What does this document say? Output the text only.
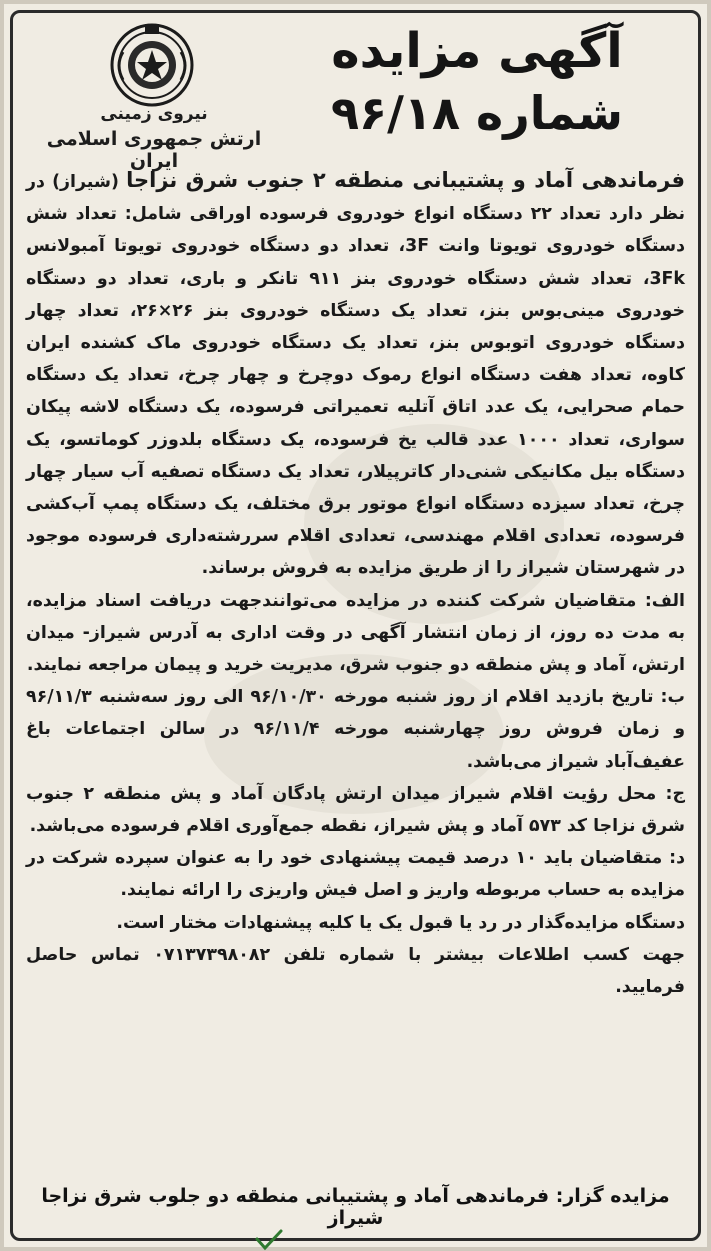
نیروی زمینی
ارتش جمهوری اسلامی ایران
آگهی مزایده
شماره ۹۶/۱۸

فرماندهی آماد و پشتیبانی منطقه ۲ جنوب شرق نزاجا (شیراز) در نظر دارد تعداد ۲۲ دستگاه انواع خودروی فرسوده اوراقی شامل: تعداد شش دستگاه خودروی تویوتا وانت 3F، تعداد دو دستگاه خودروی تویوتا آمبولانس 3Fk، تعداد شش دستگاه خودروی بنز ۹۱۱ تانکر و باری، تعداد دو دستگاه خودروی مینی‌بوس بنز، تعداد یک دستگاه خودروی بنز ۲۶×۲۶، تعداد چهار دستگاه خودروی اتوبوس بنز، تعداد یک دستگاه خودروی ماک کشنده ایران کاوه، تعداد هفت دستگاه انواع رموک دوچرخ و چهار چرخ، تعداد یک دستگاه حمام صحرایی، یک عدد اتاق آتلیه تعمیراتی فرسوده، یک دستگاه لاشه پیکان سواری، تعداد ۱۰۰۰ عدد قالب یخ فرسوده، یک دستگاه بلدوزر کوماتسو، یک دستگاه بیل مکانیکی شنی‌دار کاترپیلار، تعداد یک دستگاه تصفیه آب سیار چهار چرخ، تعداد سیزده دستگاه انواع موتور برق مختلف، یک دستگاه پمپ آب‌کشی فرسوده، تعدادی اقلام مهندسی، تعدادی اقلام سررشته‌داری فرسوده موجود در شهرستان شیراز را از طریق مزایده به فروش برساند.

الف: متقاضیان شرکت کننده در مزایده می‌توانندجهت دریافت اسناد مزایده، به مدت ده روز، از زمان انتشار آگهی در وقت اداری به آدرس شیراز- میدان ارتش، آماد و پش منطقه دو جنوب شرق، مدیریت خرید و پیمان مراجعه نمایند.

ب: تاریخ بازدید اقلام از روز شنبه مورخه ۹۶/۱۰/۳۰ الی روز سه‌شنبه ۹۶/۱۱/۳ و زمان فروش روز چهارشنبه مورخه ۹۶/۱۱/۴ در سالن اجتماعات باغ عفیف‌آباد شیراز می‌باشد.

ج: محل رؤیت اقلام شیراز میدان ارتش پادگان آماد و پش منطقه ۲ جنوب شرق نزاجا کد ۵۷۳ آماد و پش شیراز، نقطه جمع‌آوری اقلام فرسوده می‌باشد.

د: متقاضیان باید ۱۰ درصد قیمت پیشنهادی خود را به عنوان سپرده شرکت در مزایده به حساب مربوطه واریز و اصل فیش واریزی را ارائه نمایند.

دستگاه مزایده‌گذار در رد یا قبول یک یا کلیه پیشنهادات مختار است.

جهت کسب اطلاعات بیشتر با شماره تلفن ۰۷۱۳۷۳۹۸۰۸۲ تماس حاصل فرمایید.

مزایده گزار: فرماندهی آماد و پشتیبانی منطقه دو جلوب شرق نزاجا شیراز
